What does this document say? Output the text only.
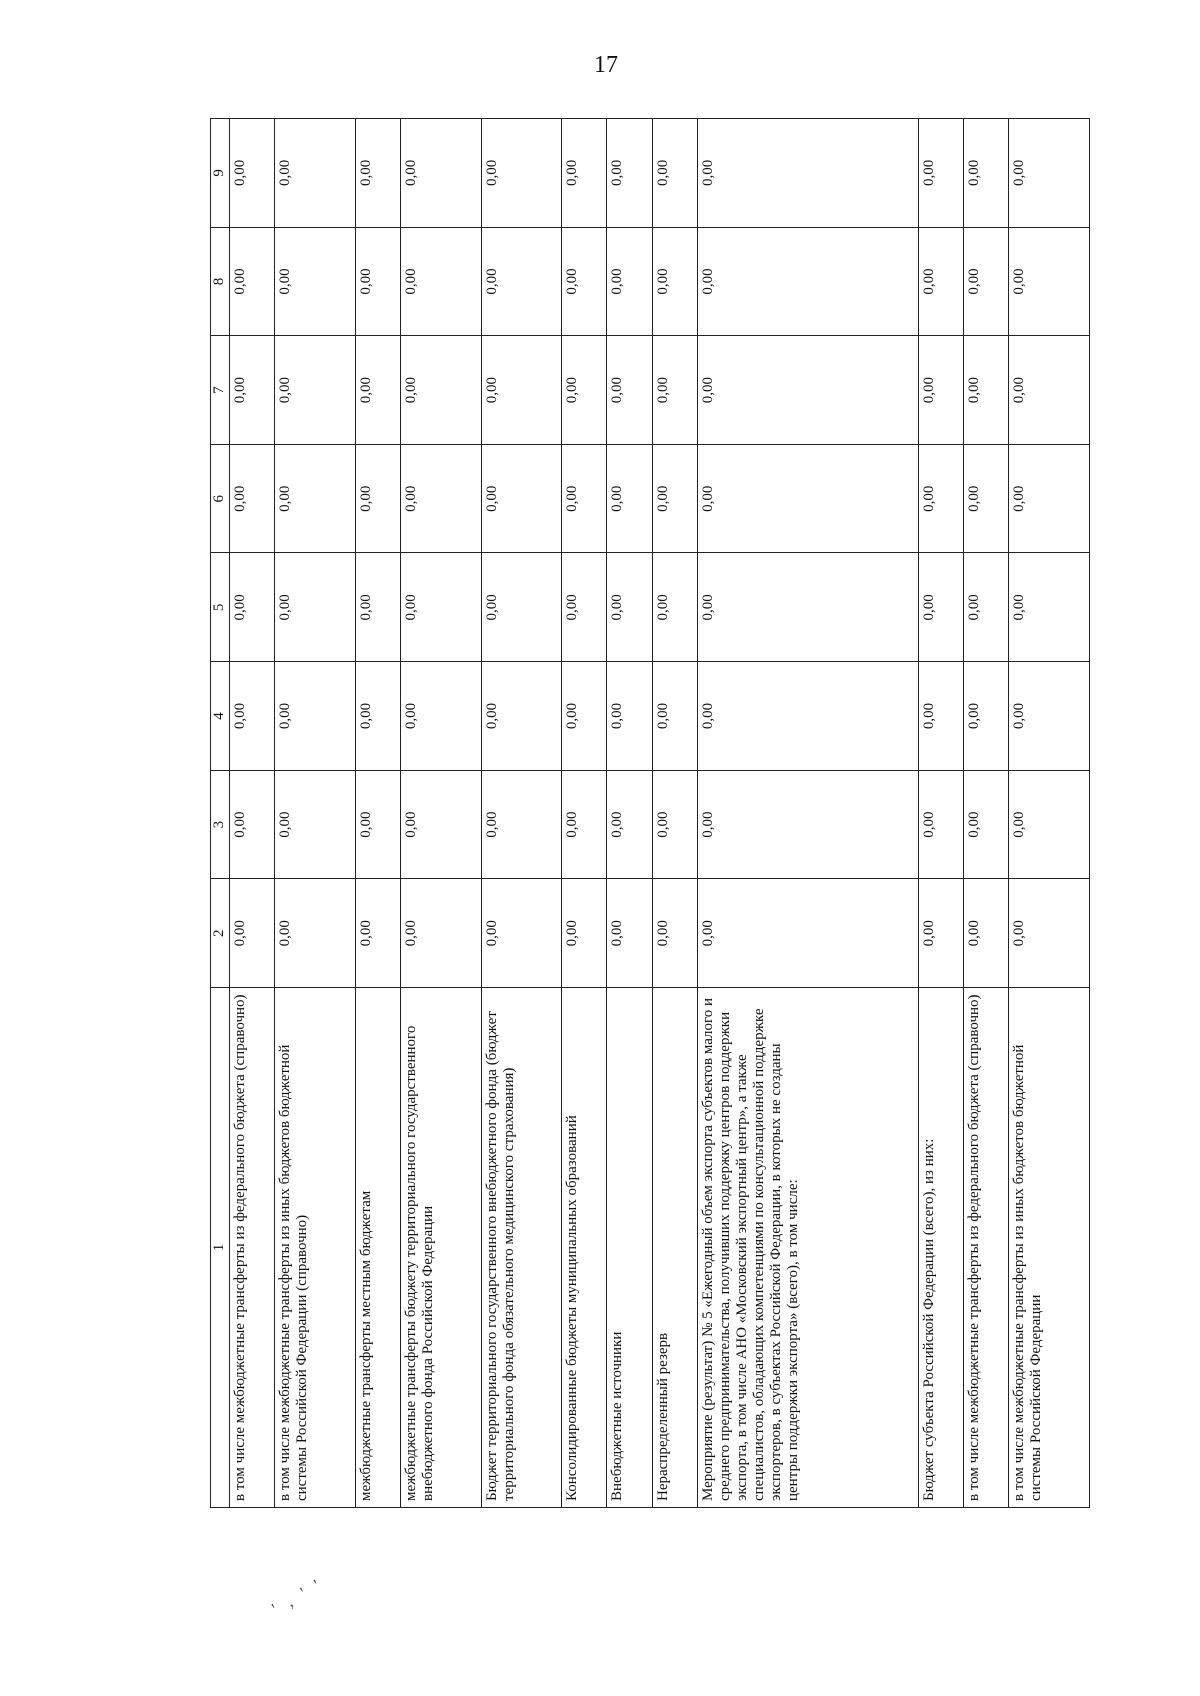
17
1	2	3	4	5	6	7	8	9
в том числе межбюджетные трансферты из федерального бюджета (справочно)	0,00	0,00	0,00	0,00	0,00	0,00	0,00	0,00
в том числе межбюджетные трансферты из иных бюджетов бюджетной системы Российской Федерации (справочно)	0,00	0,00	0,00	0,00	0,00	0,00	0,00	0,00
межбюджетные трансферты местным бюджетам	0,00	0,00	0,00	0,00	0,00	0,00	0,00	0,00
межбюджетные трансферты бюджету территориального государственного внебюджетного фонда Российской Федерации	0,00	0,00	0,00	0,00	0,00	0,00	0,00	0,00
Бюджет территориального государственного внебюджетного фонда (бюджет территориального фонда обязательного медицинского страхования)	0,00	0,00	0,00	0,00	0,00	0,00	0,00	0,00
Консолидированные бюджеты муниципальных образований	0,00	0,00	0,00	0,00	0,00	0,00	0,00	0,00
Внебюджетные источники	0,00	0,00	0,00	0,00	0,00	0,00	0,00	0,00
Нераспределенный резерв	0,00	0,00	0,00	0,00	0,00	0,00	0,00	0,00
Мероприятие (результат) № 5 «Ежегодный объем экспорта субъектов малого и среднего предпринимательства, получивших поддержку центров поддержки экспорта, в том числе АНО «Московский экспортный центр», а также специалистов, обладающих компетенциями по консультационной поддержке экспортеров, в субъектах Российской Федерации, в которых не созданы центры поддержки экспорта» (всего), в том числе:	0,00	0,00	0,00	0,00	0,00	0,00	0,00	0,00
Бюджет субъекта Российской Федерации (всего), из них:	0,00	0,00	0,00	0,00	0,00	0,00	0,00	0,00
в том числе межбюджетные трансферты из федерального бюджета (справочно)	0,00	0,00	0,00	0,00	0,00	0,00	0,00	0,00
в том числе межбюджетные трансферты из иных бюджетов бюджетной системы Российской Федерации	0,00	0,00	0,00	0,00	0,00	0,00	0,00	0,00
' , ' '
